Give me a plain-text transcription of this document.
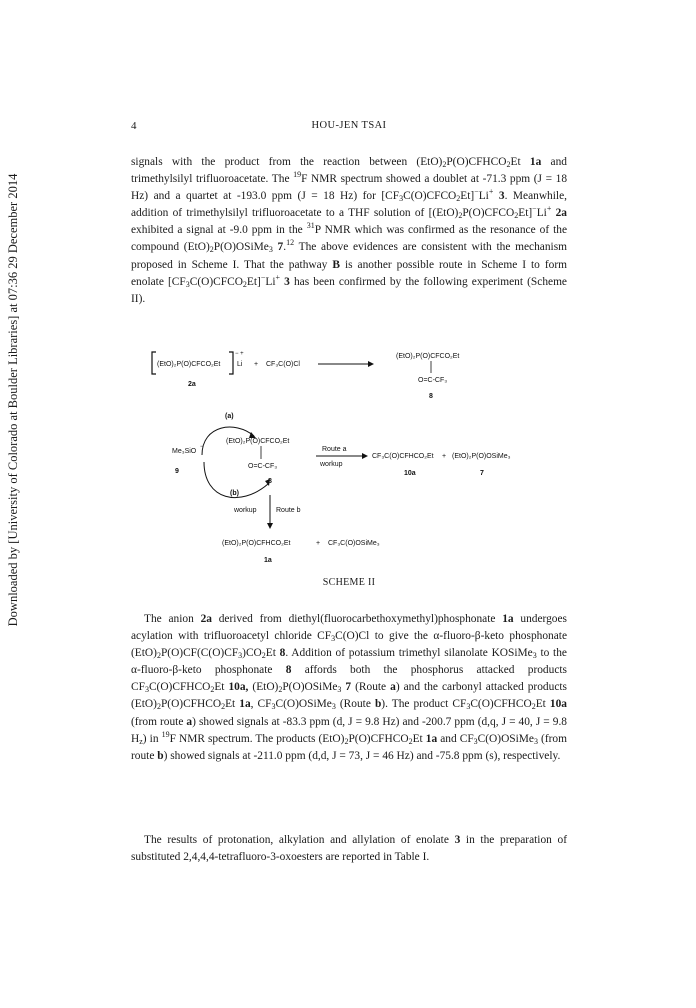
Downloaded by [University of Colorado at Boulder Libraries] at 07:36 29 December 2014
4	HOU-JEN TSAI

signals with the product from the reaction between $(EtO)_2P(O)CFHCO_2Et$ 1a and trimethylsilyl trifluoroacetate. The $^{19}$F NMR spectrum showed a doublet at -71.3 ppm (J = 18 Hz) and a quartet at -193.0 ppm (J = 18 Hz) for $[CF_3C(O)CFCO_2Et]^-Li^+$ 3. Meanwhile, addition of trimethylsilyl trifluoroacetate to a THF solution of $[(EtO)_2P(O)CFCO_2Et]^-Li^+$ 2a exhibited a signal at -9.0 ppm in the $^{31}$P NMR which was confirmed as the resonance of the compound $(EtO)_2P(O)OSiMe_3$ 7.12 The above evidences are consistent with the mechanism proposed in Scheme I. That the pathway B is another possible route in Scheme I to form enolate $[CF_3C(O)CFCO_2Et]^-Li^+$ 3 has been confirmed by the following experiment (Scheme II).

(EtO)₂P(O)CFCO₂Et
− +
Li + CF₃C(O)Cl
2a
(EtO)₂P(O)CFCO₂Et
O=C-CF₃
8
(a)
Me₃SiO
−
9
(b)
(EtO)₂P(O)CFCO₂Et
O=C-CF₃
8
Route a
workup
CF₃C(O)CFHCO₂Et + (EtO)₂P(O)OSiMe₃
10a	7
workup	Route b
(EtO)₂P(O)CFHCO₂Et	+ CF₃C(O)OSiMe₃
1a
SCHEME II

The anion 2a derived from diethyl(fluorocarbethoxymethyl)phosphonate 1a undergoes acylation with trifluoroacetyl chloride $CF_3C(O)Cl$ to give the α-fluoro-β-keto phosphonate $(EtO)_2P(O)CF(C(O)CF_3)CO_2Et$ 8. Addition of potassium trimethyl silanolate KOSiMe$_3$ to the α-fluoro-β-keto phosphonate 8 affords both the phosphorus attacked products $CF_3C(O)CFHCO_2Et$ 10a, $(EtO)_2P(O)OSiMe_3$ 7 (Route a) and the carbonyl attacked products $(EtO)_2P(O)CFHCO_2Et$ 1a, $CF_3C(O)OSiMe_3$ (Route b). The product $CF_3C(O)CFHCO_2Et$ 10a (from route a) showed signals at -83.3 ppm (d, J = 9.8 Hz) and -200.7 ppm (d,q, J = 40, J = 9.8 $H_z$) in $^{19}$F NMR spectrum. The products $(EtO)_2P(O)CFHCO_2Et$ 1a and $CF_3C(O)OSiMe_3$ (from route b) showed signals at -211.0 ppm (d,d, J = 73, J = 46 Hz) and -75.8 ppm (s), respectively.

The results of protonation, alkylation and allylation of enolate 3 in the preparation of substituted 2,4,4,4-tetrafluoro-3-oxoesters are reported in Table I.
